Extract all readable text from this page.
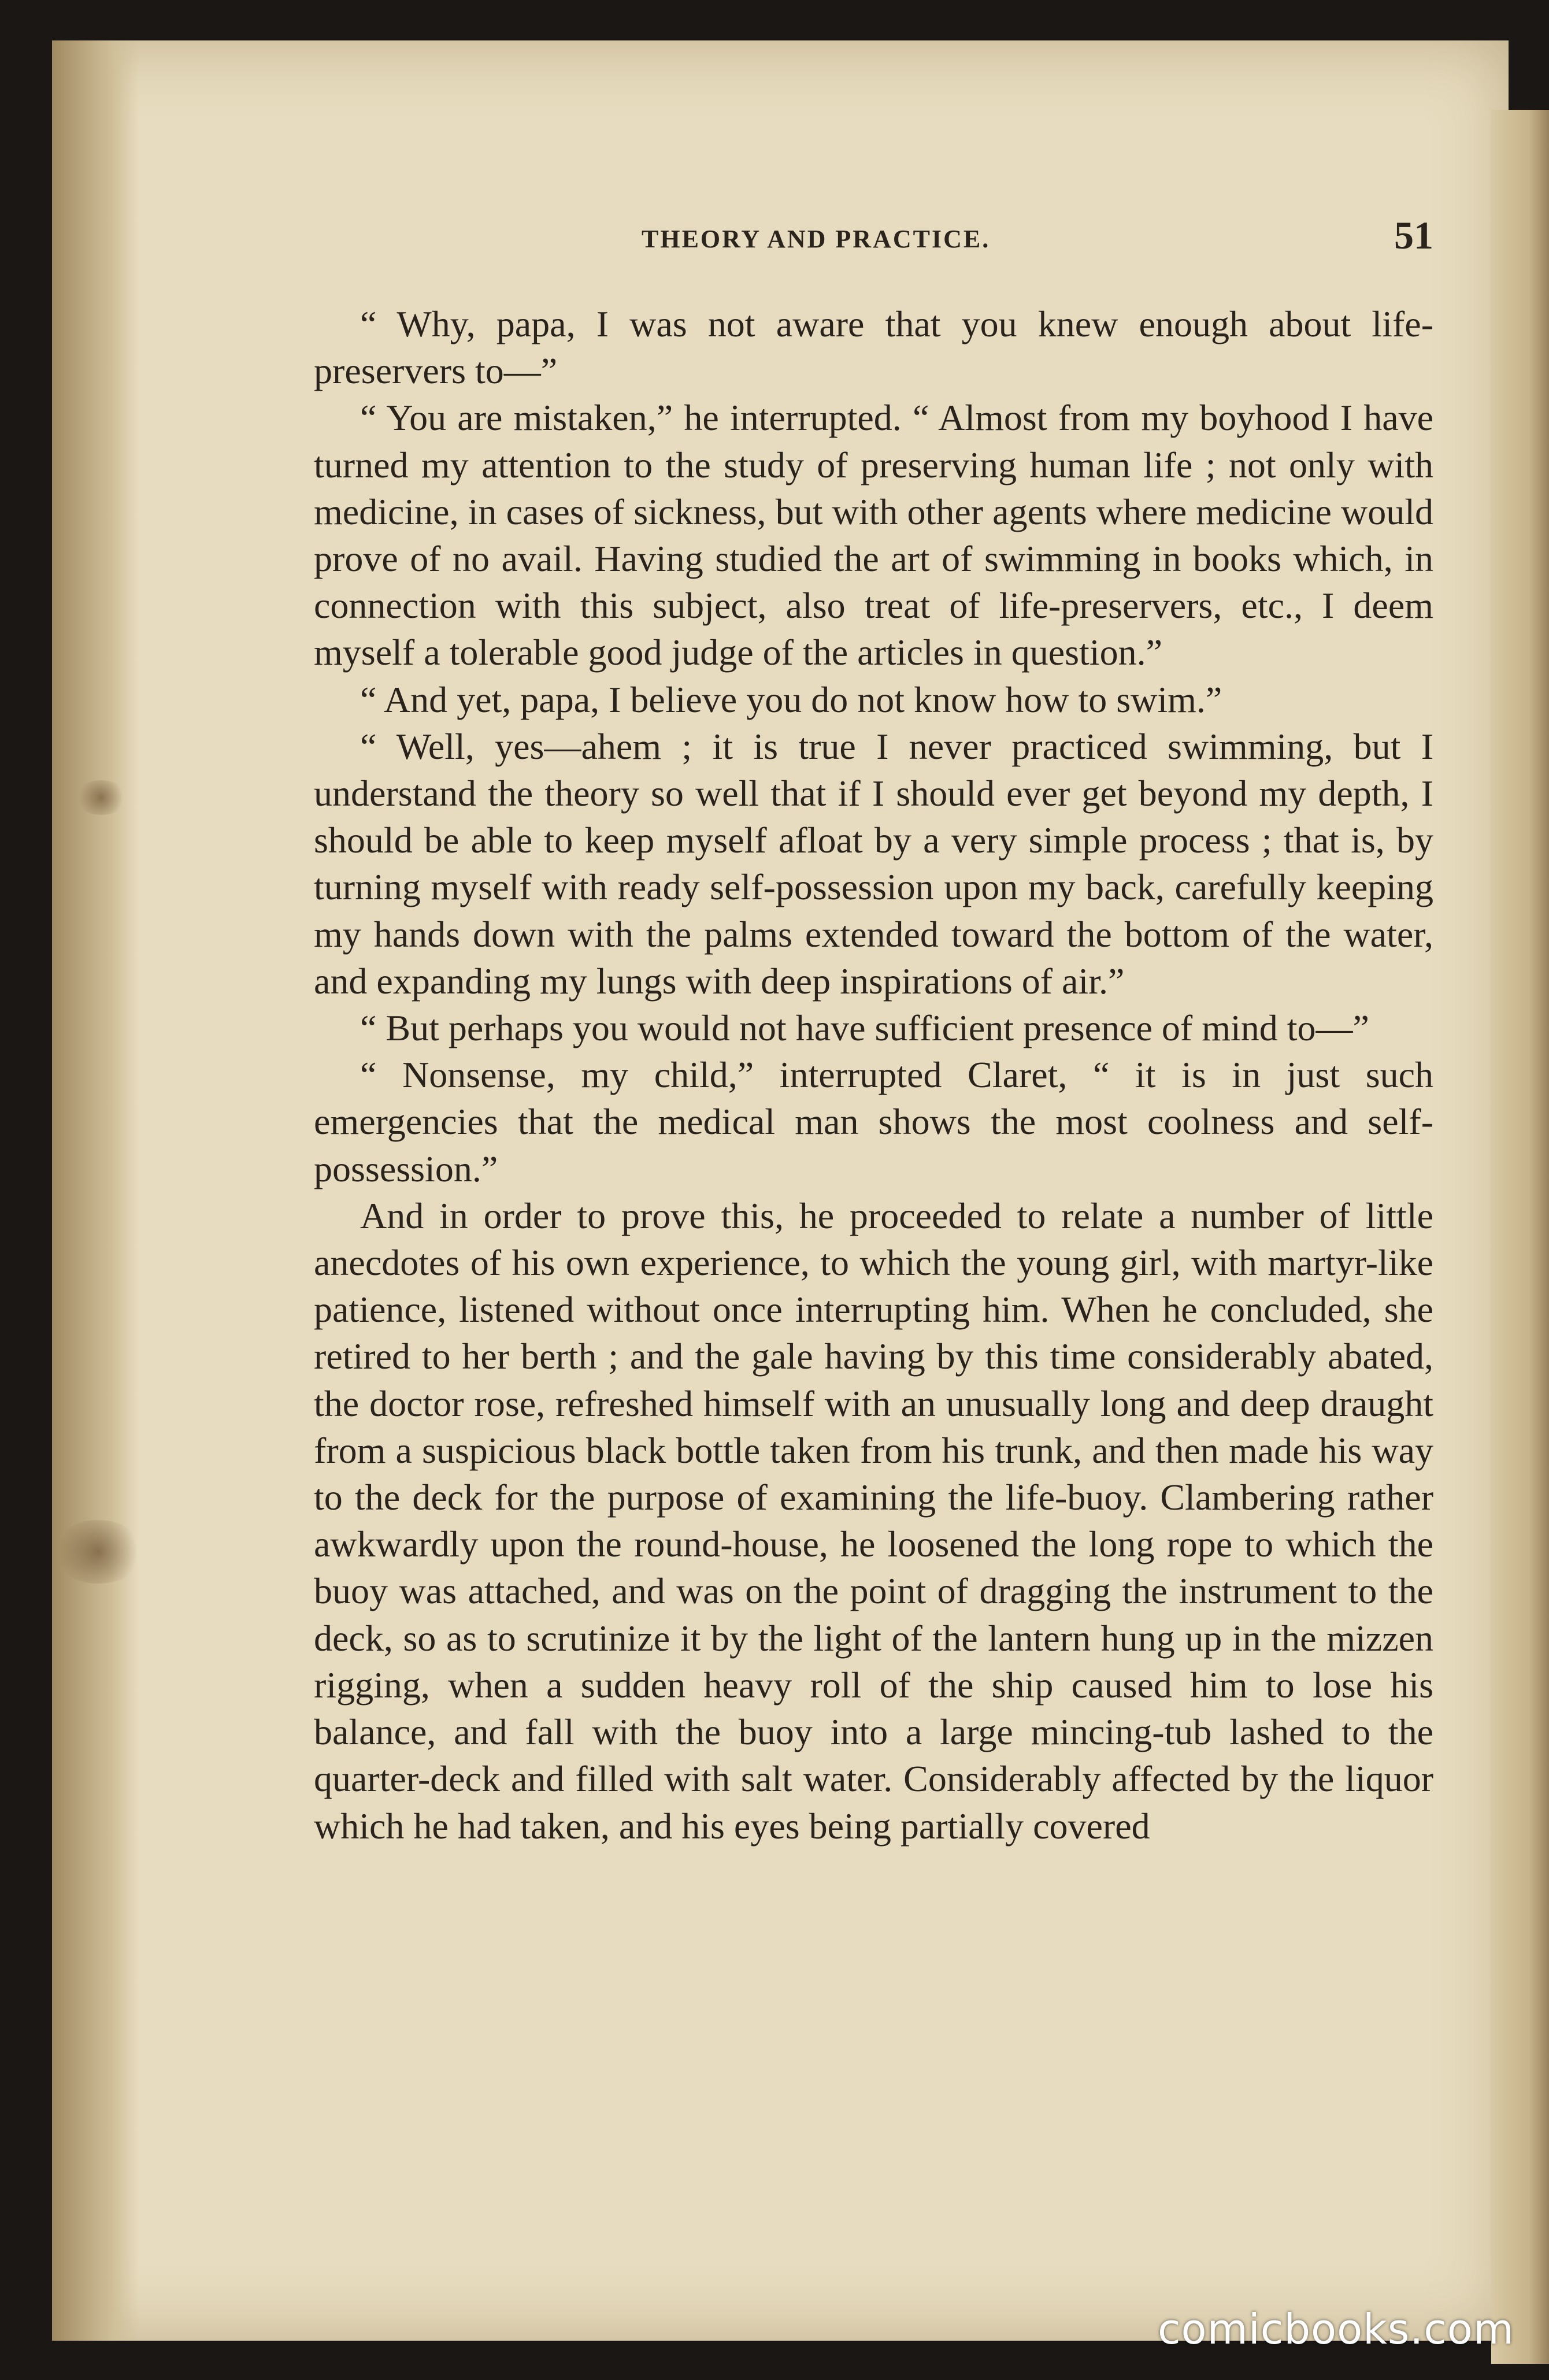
THEORY AND PRACTICE.	51

“ Why, papa, I was not aware that you knew enough about life-preservers to—”

“ You are mistaken,” he interrupted. “ Almost from my boyhood I have turned my attention to the study of preserving human life ; not only with medicine, in cases of sickness, but with other agents where medicine would prove of no avail. Having studied the art of swimming in books which, in connection with this subject, also treat of life-preservers, etc., I deem myself a tolerable good judge of the articles in question.”

“ And yet, papa, I believe you do not know how to swim.”

“ Well, yes—ahem ; it is true I never practiced swimming, but I understand the theory so well that if I should ever get beyond my depth, I should be able to keep myself afloat by a very simple process ; that is, by turning myself with ready self-possession upon my back, carefully keeping my hands down with the palms extended toward the bottom of the water, and expanding my lungs with deep inspirations of air.”

“ But perhaps you would not have sufficient presence of mind to—”

“ Nonsense, my child,” interrupted Claret, “ it is in just such emergencies that the medical man shows the most coolness and self-possession.”

And in order to prove this, he proceeded to relate a number of little anecdotes of his own experience, to which the young girl, with martyr-like patience, listened without once interrupting him. When he concluded, she retired to her berth ; and the gale having by this time considerably abated, the doctor rose, refreshed himself with an unusually long and deep draught from a suspicious black bottle taken from his trunk, and then made his way to the deck for the purpose of examining the life-buoy. Clambering rather awkwardly upon the round-house, he loosened the long rope to which the buoy was attached, and was on the point of dragging the instrument to the deck, so as to scrutinize it by the light of the lantern hung up in the mizzen rigging, when a sudden heavy roll of the ship caused him to lose his balance, and fall with the buoy into a large mincing-tub lashed to the quarter-deck and filled with salt water. Considerably affected by the liquor which he had taken, and his eyes being partially covered

comicbooks.com
